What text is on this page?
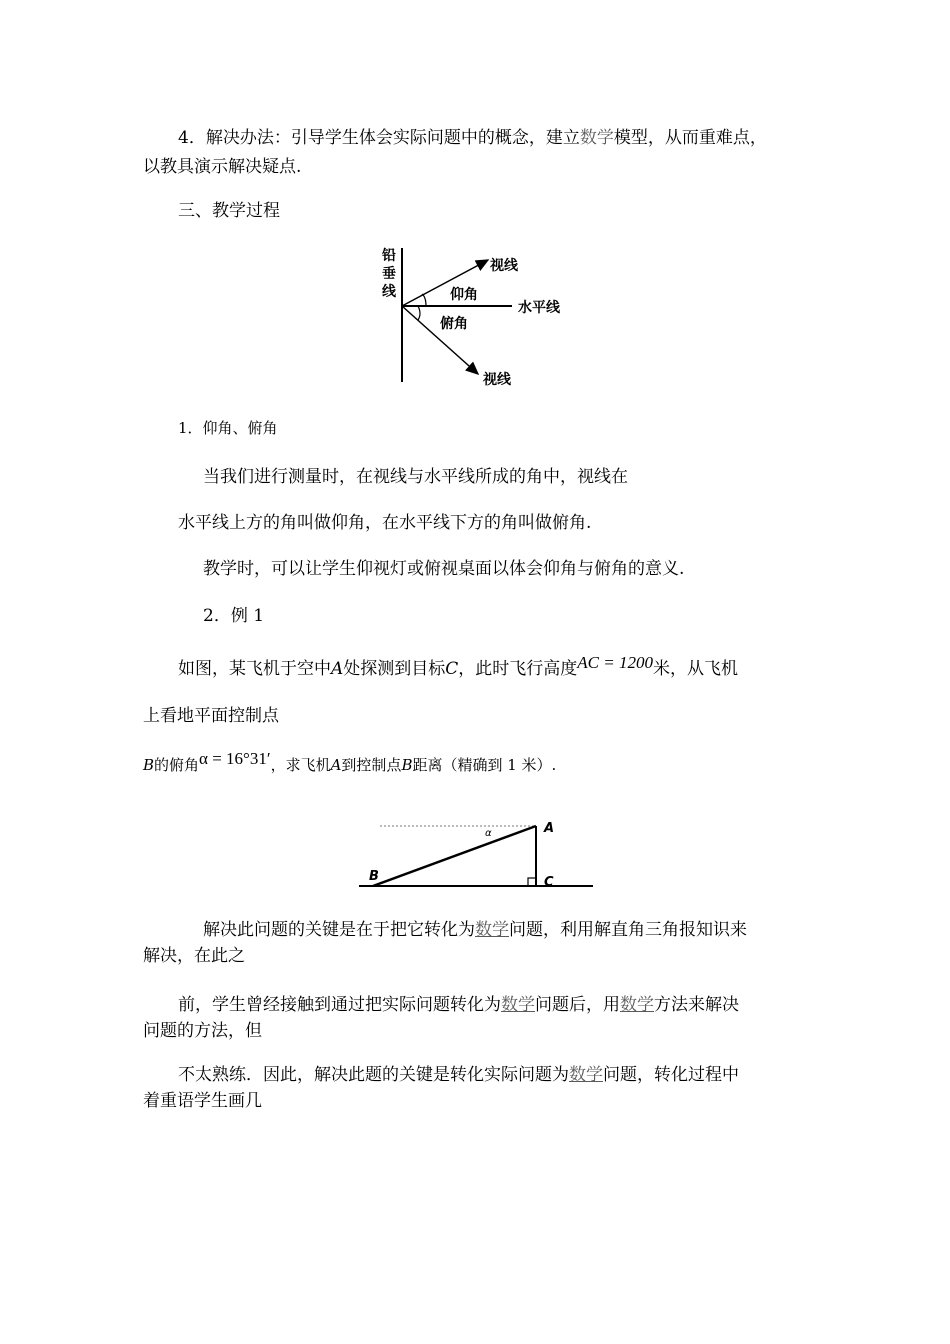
4．解决办法：引导学生体会实际问题中的概念，建立数学模型，从而重难点，
以教具演示解决疑点.
三、教学过程
铅
垂
线
视线
仰角
水平线
俯角
视线
1．仰角、俯角
当我们进行测量时，在视线与水平线所成的角中，视线在
水平线上方的角叫做仰角，在水平线下方的角叫做俯角.
教学时，可以让学生仰视灯或俯视桌面以体会仰角与俯角的意义.
2．例 1
如图，某飞机于空中A处探测到目标C，此时飞行高度AC = 1200米，从飞机
上看地平面控制点
B的俯角α = 16°31′，求飞机A到控制点B距离（精确到 1 米）.
A
B	C
α
解决此问题的关键是在于把它转化为数学问题，利用解直角三角报知识来
解决，在此之
前，学生曾经接触到通过把实际问题转化为数学问题后，用数学方法来解决
问题的方法，但
不太熟练．因此，解决此题的关键是转化实际问题为数学问题，转化过程中
着重语学生画几
